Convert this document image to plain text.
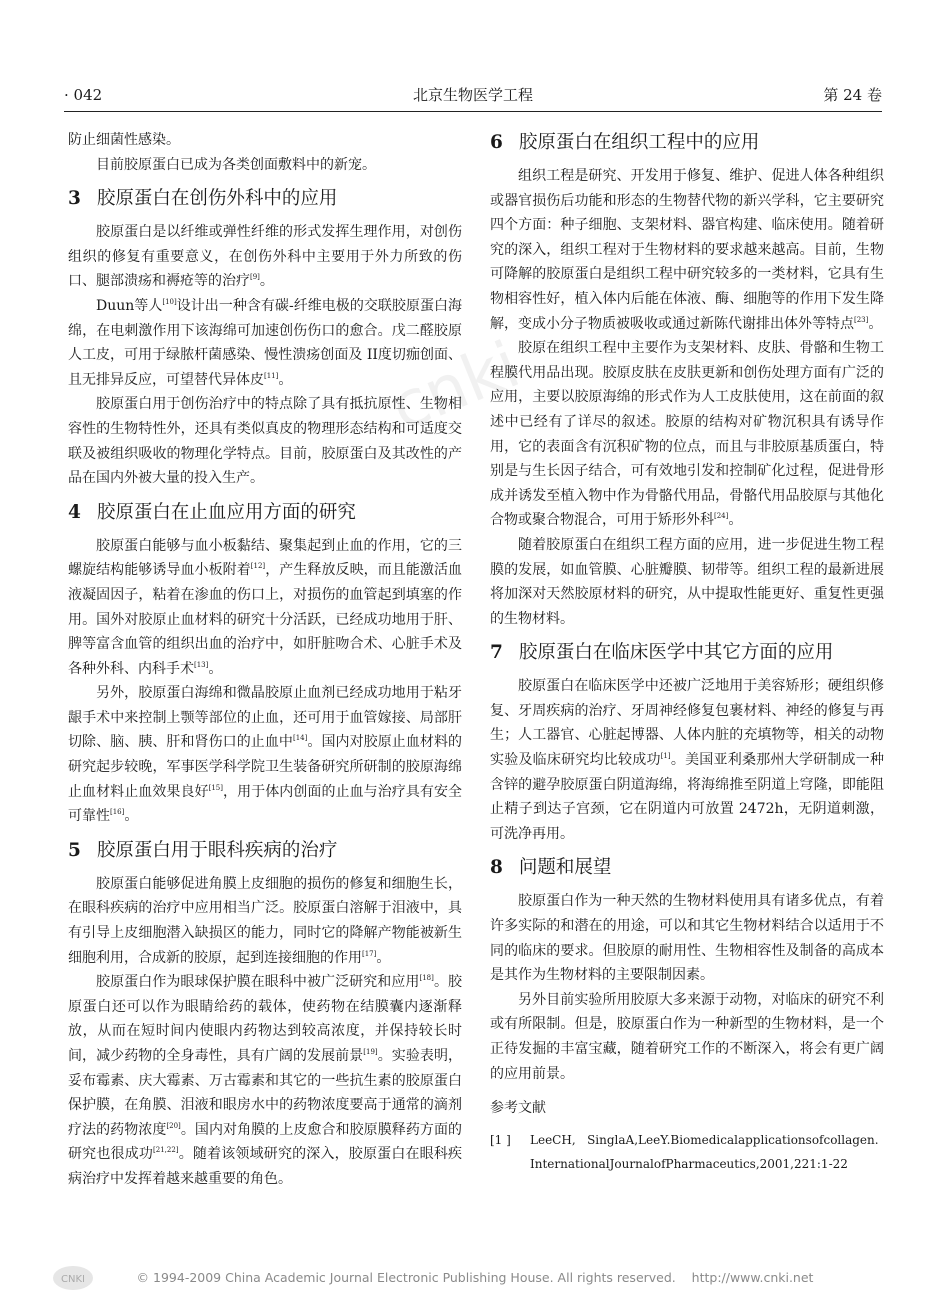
· 042	北京生物医学工程	第 24 卷
cnki

防止细菌性感染。

目前胶原蛋白已成为各类创面敷料中的新宠。

3 胶原蛋白在创伤外科中的应用

胶原蛋白是以纤维或弹性纤维的形式发挥生理作用，对创伤组织的修复有重要意义，在创伤外科中主要用于外力所致的伤口、腿部溃疡和褥疮等的治疗[9]。

Duun等人[10]设计出一种含有碳-纤维电极的交联胶原蛋白海绵，在电刺激作用下该海绵可加速创伤伤口的愈合。戊二醛胶原人工皮，可用于绿脓杆菌感染、慢性溃疡创面及 II度切痂创面、且无排异反应，可望替代异体皮[11]。

胶原蛋白用于创伤治疗中的特点除了具有抵抗原性、生物相容性的生物特性外，还具有类似真皮的物理形态结构和可适度交联及被组织吸收的物理化学特点。目前，胶原蛋白及其改性的产品在国内外被大量的投入生产。

4 胶原蛋白在止血应用方面的研究

胶原蛋白能够与血小板黏结、聚集起到止血的作用，它的三螺旋结构能够诱导血小板附着[12]，产生释放反映，而且能激活血液凝固因子，粘着在渗血的伤口上，对损伤的血管起到填塞的作用。国外对胶原止血材料的研究十分活跃，已经成功地用于肝、脾等富含血管的组织出血的治疗中，如肝脏吻合术、心脏手术及各种外科、内科手术[13]。

另外，胶原蛋白海绵和微晶胶原止血剂已经成功地用于粘牙龈手术中来控制上颚等部位的止血，还可用于血管嫁接、局部肝切除、脑、胰、肝和肾伤口的止血中[14]。国内对胶原止血材料的研究起步较晚，军事医学科学院卫生装备研究所研制的胶原海绵止血材料止血效果良好[15]，用于体内创面的止血与治疗具有安全可靠性[16]。

5 胶原蛋白用于眼科疾病的治疗

胶原蛋白能够促进角膜上皮细胞的损伤的修复和细胞生长，在眼科疾病的治疗中应用相当广泛。胶原蛋白溶解于泪液中，具有引导上皮细胞潜入缺损区的能力，同时它的降解产物能被新生细胞利用，合成新的胶原，起到连接细胞的作用[17]。

胶原蛋白作为眼球保护膜在眼科中被广泛研究和应用[18]。胶原蛋白还可以作为眼睛给药的载体，使药物在结膜囊内逐渐释放，从而在短时间内使眼内药物达到较高浓度，并保持较长时间，减少药物的全身毒性，具有广阔的发展前景[19]。实验表明，妥布霉素、庆大霉素、万古霉素和其它的一些抗生素的胶原蛋白保护膜，在角膜、泪液和眼房水中的药物浓度要高于通常的滴剂疗法的药物浓度[20]。国内对角膜的上皮愈合和胶原膜释药方面的研究也很成功[21,22]。随着该领域研究的深入，胶原蛋白在眼科疾病治疗中发挥着越来越重要的角色。

6 胶原蛋白在组织工程中的应用

组织工程是研究、开发用于修复、维护、促进人体各种组织或器官损伤后功能和形态的生物替代物的新兴学科，它主要研究四个方面：种子细胞、支架材料、器官构建、临床使用。随着研究的深入，组织工程对于生物材料的要求越来越高。目前，生物可降解的胶原蛋白是组织工程中研究较多的一类材料，它具有生物相容性好，植入体内后能在体液、酶、细胞等的作用下发生降解，变成小分子物质被吸收或通过新陈代谢排出体外等特点[23]。

胶原在组织工程中主要作为支架材料、皮肤、骨骼和生物工程膜代用品出现。胶原皮肤在皮肤更新和创伤处理方面有广泛的应用，主要以胶原海绵的形式作为人工皮肤使用，这在前面的叙述中已经有了详尽的叙述。胶原的结构对矿物沉积具有诱导作用，它的表面含有沉积矿物的位点，而且与非胶原基质蛋白，特别是与生长因子结合，可有效地引发和控制矿化过程，促进骨形成并诱发至植入物中作为骨骼代用品，骨骼代用品胶原与其他化合物或聚合物混合，可用于矫形外科[24]。

随着胶原蛋白在组织工程方面的应用，进一步促进生物工程膜的发展，如血管膜、心脏瓣膜、韧带等。组织工程的最新进展将加深对天然胶原材料的研究，从中提取性能更好、重复性更强的生物材料。

7 胶原蛋白在临床医学中其它方面的应用

胶原蛋白在临床医学中还被广泛地用于美容矫形；硬组织修复、牙周疾病的治疗、牙周神经修复包裹材料、神经的修复与再生；人工器官、心脏起博器、人体内脏的充填物等，相关的动物实验及临床研究均比较成功[1]。美国亚利桑那州大学研制成一种含锌的避孕胶原蛋白阴道海绵，将海绵推至阴道上穹隆，即能阻止精子到达子宫颈，它在阴道内可放置 2472h，无阴道刺激，可洗净再用。

8 问题和展望

胶原蛋白作为一种天然的生物材料使用具有诸多优点，有着许多实际的和潜在的用途，可以和其它生物材料结合以适用于不同的临床的要求。但胶原的耐用性、生物相容性及制备的高成本是其作为生物材料的主要限制因素。

另外目前实验所用胶原大多来源于动物，对临床的研究不利或有所限制。但是，胶原蛋白作为一种新型的生物材料，是一个正待发掘的丰富宝藏，随着研究工作的不断深入，将会有更广阔的应用前景。

参考文献
[1 ]	LeeCH,   SinglaA,LeeY.Biomedicalapplicationsofcollagen.
InternationalJournalofPharmaceutics,2001,221:1-22
CNKI	© 1994-2009 China Academic Journal Electronic Publishing House. All rights reserved.    http://www.cnki.net
